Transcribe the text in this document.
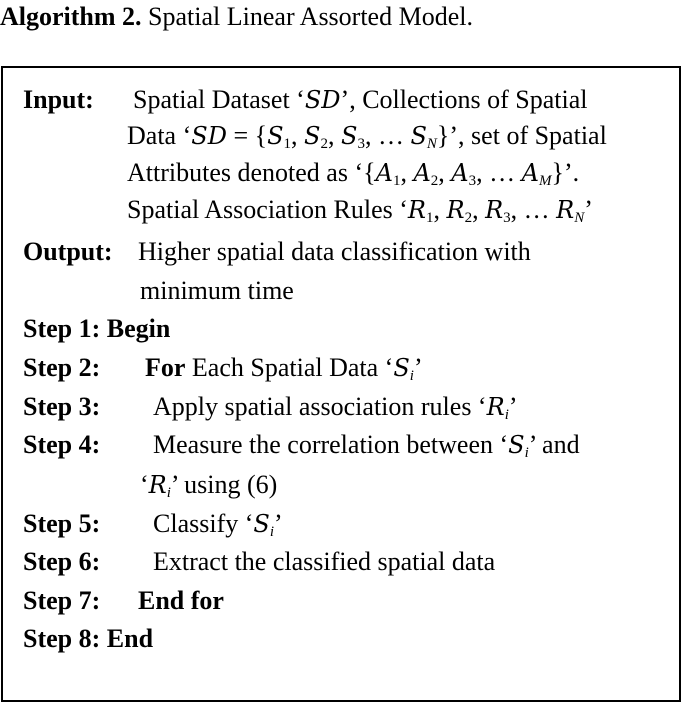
Algorithm 2. Spatial Linear Assorted Model.
Input: Spatial Dataset ‘SD’, Collections of Spatial
Data ‘SD = {$S_1$, $S_2$, $S_3$, … $S_N$}’, set of Spatial
Attributes denoted as ‘{$A_1$, $A_2$, $A_3$, … $A_M$}’.
Spatial Association Rules ‘$R_1$, $R_2$, $R_3$, … $R_N$’
Output: Higher spatial data classification with
minimum time
Step 1: Begin
Step 2: For Each Spatial Data ‘$S_i$’
Step 3: Apply spatial association rules ‘$R_i$’
Step 4: Measure the correlation between ‘$S_i$’ and
‘$R_i$’ using (6)
Step 5: Classify ‘$S_i$’
Step 6: Extract the classified spatial data
Step 7: End for
Step 8: End
